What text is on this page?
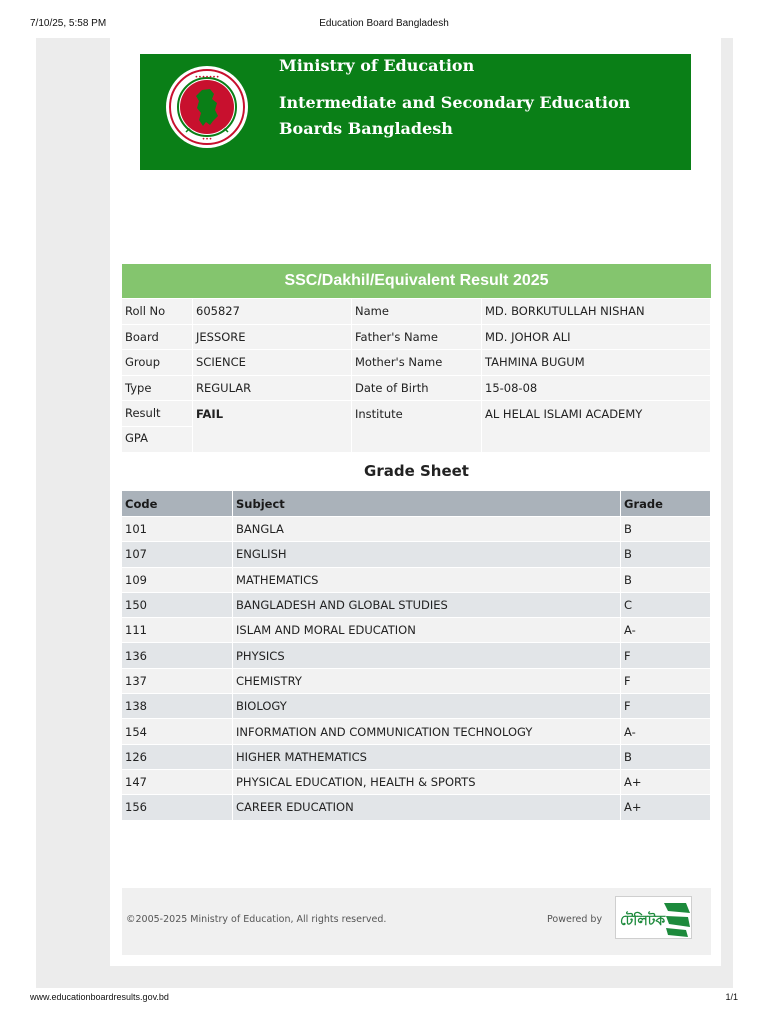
7/10/25, 5:58 PM	Education Board Bangladesh
•••••••
•••
Ministry of Education
Intermediate and Secondary Education
Boards Bangladesh
SSC/Dakhil/Equivalent Result 2025
Roll No	605827	Name	MD. BORKUTULLAH NISHAN
Board	JESSORE	Father's Name	MD. JOHOR ALI
Group	SCIENCE	Mother's Name	TAHMINA BUGUM
Type	REGULAR	Date of Birth	15-08-08
Result	FAIL	Institute	AL HELAL ISLAMI ACADEMY
GPA			
Grade Sheet
Code	Subject	Grade
101	BANGLA	B
107	ENGLISH	B
109	MATHEMATICS	B
150	BANGLADESH AND GLOBAL STUDIES	C
111	ISLAM AND MORAL EDUCATION	A-
136	PHYSICS	F
137	CHEMISTRY	F
138	BIOLOGY	F
154	INFORMATION AND COMMUNICATION TECHNOLOGY	A-
126	HIGHER MATHEMATICS	B
147	PHYSICAL EDUCATION, HEALTH & SPORTS	A+
156	CAREER EDUCATION	A+
©2005-2025 Ministry of Education, All rights reserved.	Powered by টেলিটক
www.educationboardresults.gov.bd	1/1
